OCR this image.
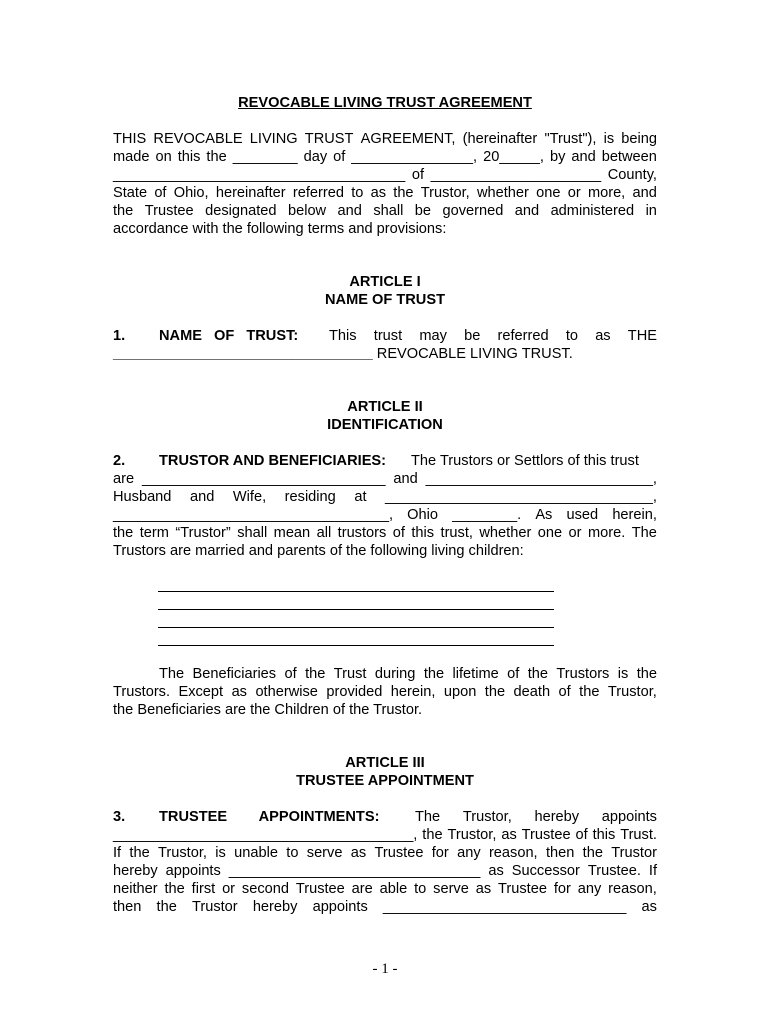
REVOCABLE LIVING TRUST AGREEMENT
THIS REVOCABLE LIVING TRUST AGREEMENT, (hereinafter "Trust"), is being
made on this the ________ day of _______________, 20_____, by and between
____________________________________ of _____________________ County,
State of Ohio, hereinafter referred to as the Trustor, whether one or more, and
the Trustee designated below and shall be governed and administered in
accordance with the following terms and provisions:
ARTICLE I
NAME OF TRUST
1. NAME OF TRUST: This trust may be referred to as THE
________________________________ REVOCABLE LIVING TRUST.
ARTICLE II
IDENTIFICATION
2. TRUSTOR AND BENEFICIARIES: The Trustors or Settlors of this trust
are ______________________________ and ____________________________,
Husband and Wife, residing at _________________________________,
__________________________________, Ohio ________. As used herein,
the term “Trustor” shall mean all trustors of this trust, whether one or more. The
Trustors are married and parents of the following living children:
The Beneficiaries of the Trust during the lifetime of the Trustors is the
Trustors. Except as otherwise provided herein, upon the death of the Trustor,
the Beneficiaries are the Children of the Trustor.
ARTICLE III
TRUSTEE APPOINTMENT
3. TRUSTEE APPOINTMENTS: The Trustor, hereby appoints
_____________________________________, the Trustor, as Trustee of this Trust.
If the Trustor, is unable to serve as Trustee for any reason, then the Trustor
hereby appoints _______________________________ as Successor Trustee. If
neither the first or second Trustee are able to serve as Trustee for any reason,
then the Trustor hereby appoints ______________________________ as
- 1 -
